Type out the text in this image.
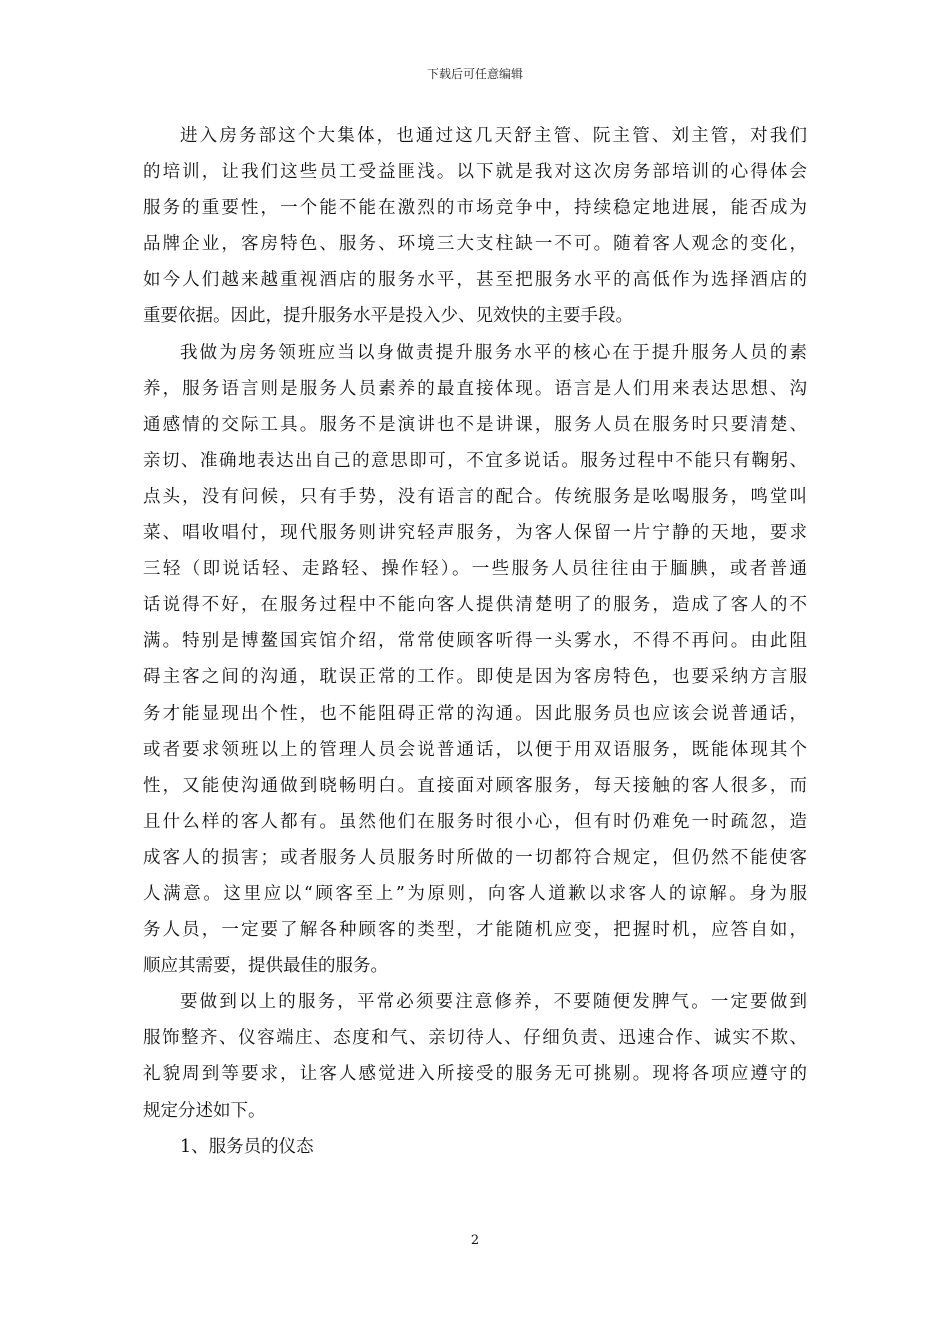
下载后可任意编辑
进入房务部这个大集体，也通过这几天舒主管、阮主管、刘主管，对我们
的培训，让我们这些员工受益匪浅。以下就是我对这次房务部培训的心得体会
服务的重要性，一个能不能在激烈的市场竞争中，持续稳定地进展，能否成为
品牌企业，客房特色、服务、环境三大支柱缺一不可。随着客人观念的变化，
如今人们越来越重视酒店的服务水平，甚至把服务水平的高低作为选择酒店的
重要依据。因此，提升服务水平是投入少、见效快的主要手段。
我做为房务领班应当以身做责提升服务水平的核心在于提升服务人员的素
养，服务语言则是服务人员素养的最直接体现。语言是人们用来表达思想、沟
通感情的交际工具。服务不是演讲也不是讲课，服务人员在服务时只要清楚、
亲切、准确地表达出自己的意思即可，不宜多说话。服务过程中不能只有鞠躬、
点头，没有问候，只有手势，没有语言的配合。传统服务是吆喝服务，鸣堂叫
菜、唱收唱付，现代服务则讲究轻声服务，为客人保留一片宁静的天地，要求
三轻（即说话轻、走路轻、操作轻）。一些服务人员往往由于腼腆，或者普通
话说得不好，在服务过程中不能向客人提供清楚明了的服务，造成了客人的不
满。特别是博鳌国宾馆介绍，常常使顾客听得一头雾水，不得不再问。由此阻
碍主客之间的沟通，耽误正常的工作。即使是因为客房特色，也要采纳方言服
务才能显现出个性，也不能阻碍正常的沟通。因此服务员也应该会说普通话，
或者要求领班以上的管理人员会说普通话，以便于用双语服务，既能体现其个
性，又能使沟通做到晓畅明白。直接面对顾客服务，每天接触的客人很多，而
且什么样的客人都有。虽然他们在服务时很小心，但有时仍难免一时疏忽，造
成客人的损害；或者服务人员服务时所做的一切都符合规定，但仍然不能使客
人满意。这里应以“顾客至上”为原则，向客人道歉以求客人的谅解。身为服
务人员，一定要了解各种顾客的类型，才能随机应变，把握时机，应答自如，
顺应其需要，提供最佳的服务。
要做到以上的服务，平常必须要注意修养，不要随便发脾气。一定要做到
服饰整齐、仪容端庄、态度和气、亲切待人、仔细负责、迅速合作、诚实不欺、
礼貌周到等要求，让客人感觉进入所接受的服务无可挑剔。现将各项应遵守的
规定分述如下。
1、服务员的仪态
2
